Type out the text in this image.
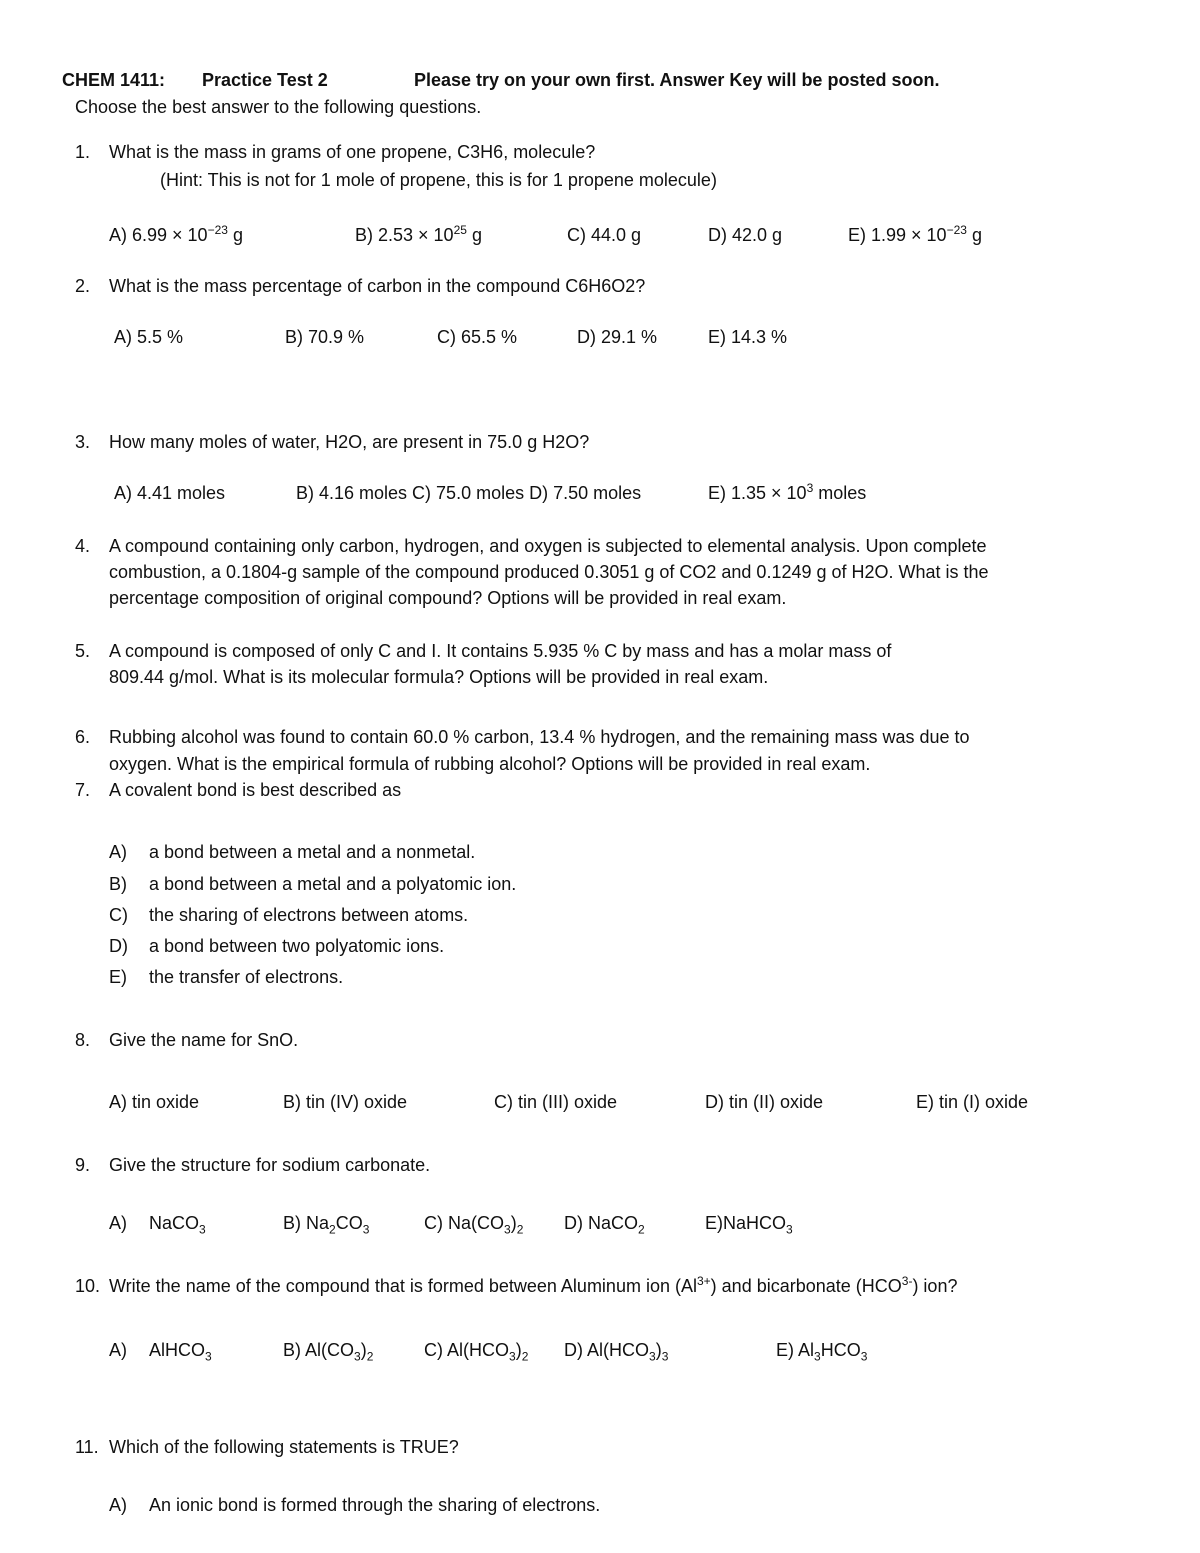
CHEM 1411: Practice Test 2	Please try on your own first. Answer Key will be posted soon.
Choose the best answer to the following questions.
1. What is the mass in grams of one propene, C3H6, molecule?
(Hint: This is not for 1 mole of propene, this is for 1 propene molecule)
A) $6.99 \times 10^{-23}$ g	B) $2.53 \times 10^{25}$ g	C) 44.0 g	D) 42.0 g	E) $1.99 \times 10^{-23}$ g
2. What is the mass percentage of carbon in the compound C6H6O2?
A) 5.5 %	B) 70.9 %	C) 65.5 %	D) 29.1 %	E) 14.3 %
3. How many moles of water, H2O, are present in 75.0 g H2O?
A) 4.41 moles	B) 4.16 moles C) 75.0 moles D) 7.50 moles	E) $1.35 \times 10^3$ moles
4. A compound containing only carbon, hydrogen, and oxygen is subjected to elemental analysis. Upon complete
combustion, a 0.1804-g sample of the compound produced 0.3051 g of CO2 and 0.1249 g of H2O. What is the
percentage composition of original compound? Options will be provided in real exam.
5. A compound is composed of only C and I. It contains 5.935 % C by mass and has a molar mass of
809.44 g/mol. What is its molecular formula? Options will be provided in real exam.
6. Rubbing alcohol was found to contain 60.0 % carbon, 13.4 % hydrogen, and the remaining mass was due to
oxygen. What is the empirical formula of rubbing alcohol? Options will be provided in real exam.
7. A covalent bond is best described as
A) a bond between a metal and a nonmetal.
B) a bond between a metal and a polyatomic ion.
C) the sharing of electrons between atoms.
D) a bond between two polyatomic ions.
E) the transfer of electrons.
8. Give the name for SnO.
A) tin oxide	B) tin (IV) oxide	C) tin (III) oxide	D) tin (II) oxide	E) tin (I) oxide
9. Give the structure for sodium carbonate.
A) NaCO$_3$	B) $Na_2CO_3$	C) $Na(CO_3)_2$ D) NaCO$_2$	E)NaHCO$_3$
10. Write the name of the compound that is formed between Aluminum ion $(Al^{3+})$ and bicarbonate $(HCO^{3-})$ ion?
A) AlHCO$_3$	B) $Al(CO_3)_2$	C) $Al(HCO_3)_2$ D) $Al(HCO_3)_3$	E) $Al_3HCO_3$
11. Which of the following statements is TRUE?
A) An ionic bond is formed through the sharing of electrons.
